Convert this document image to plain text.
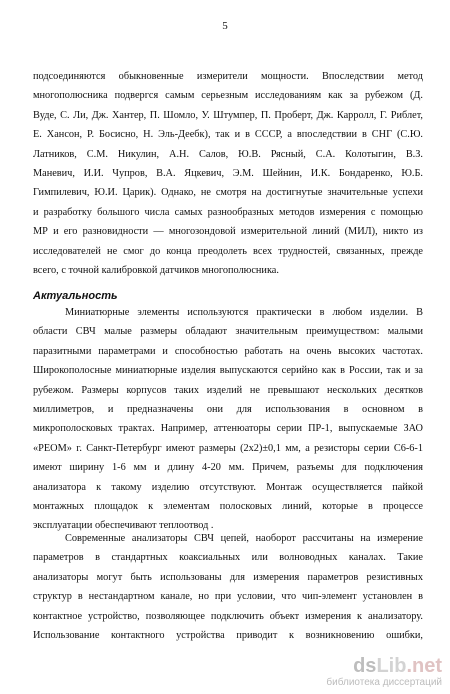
5
подсоединяются обыкновенные измерители мощности. Впоследствии метод
многополюсника подвергся самым серьезным исследованиям как за рубежом (Д.
Вуде, С. Ли, Дж. Хантер, П. Шомло, У. Штумпер, П. Проберт, Дж. Карролл, Г. Риблет,
Е. Хансон, Р. Босисно, Н. Эль-Деебк), так и в СССР, а впоследствии в СНГ (С.Ю.
Латников, С.М. Никулин, А.Н. Салов, Ю.В. Рясный, С.А. Колотыгин, В.З.
Маневич, И.И. Чупров, В.А. Яцкевич, Э.М. Шейнин, И.К. Бондаренко, Ю.Б.
Гимпилевич, Ю.И. Царик). Однако, не смотря на достигнутые значительные успехи
и разработку большого числа самых разнообразных методов измерения с помощью
МР и его разновидности — многозондовой измерительной линий (МИЛ), никто из
исследователей не смог до конца преодолеть всех трудностей, связанных, прежде
всего, с точной калибровкой датчиков многополюсника.
Актуальность
Миниатюрные элементы используются практически в любом изделии. В
области СВЧ малые размеры обладают значительным преимуществом: малыми
паразитными параметрами и способностью работать на очень высоких частотах.
Широкополосные миниатюрные изделия выпускаются серийно как в России, так и за
рубежом. Размеры корпусов таких изделий не превышают нескольких десятков
миллиметров, и предназначены они для использования в основном в
микрополосковых трактах. Например, аттенюаторы серии ПР-1, выпускаемые ЗАО
«РЕОМ» г. Санкт-Петербург имеют размеры (2х2)±0,1 мм, а резисторы серии С6-6-1
имеют ширину 1-6 мм и длину 4-20 мм. Причем, разъемы для подключения
анализатора к такому изделию отсутствуют. Монтаж осуществляется пайкой
монтажных площадок к элементам полосковых линий, которые в процессе
эксплуатации обеспечивают теплоотвод .
Современные анализаторы СВЧ цепей, наоборот рассчитаны на измерение
параметров в стандартных коаксиальных или волноводных каналах. Такие
анализаторы могут быть использованы для измерения параметров резистивных
структур в нестандартном канале, но при условии, что чип-элемент установлен в
контактное устройство, позволяющее подключить объект измерения к анализатору.
Использование контактного устройства приводит к возникновению ошибки,
dsLib.net
библиотека диссертаций
